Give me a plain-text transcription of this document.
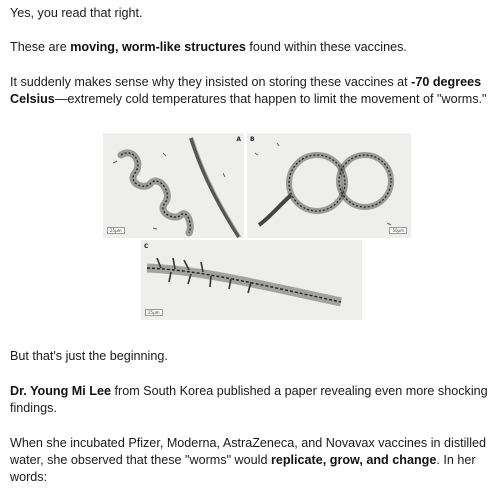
Yes, you read that right.

These are moving, worm-like structures found within these vaccines.

It suddenly makes sense why they insisted on storing these vaccines at -70 degrees Celsius—extremely cold temperatures that happen to limit the movement of "worms."

A
25μm
B
50μm
C
25μm

But that's just the beginning.

Dr. Young Mi Lee from South Korea published a paper revealing even more shocking findings.

When she incubated Pfizer, Moderna, AstraZeneca, and Novavax vaccines in distilled water, she observed that these "worms" would replicate, grow, and change. In her words:
